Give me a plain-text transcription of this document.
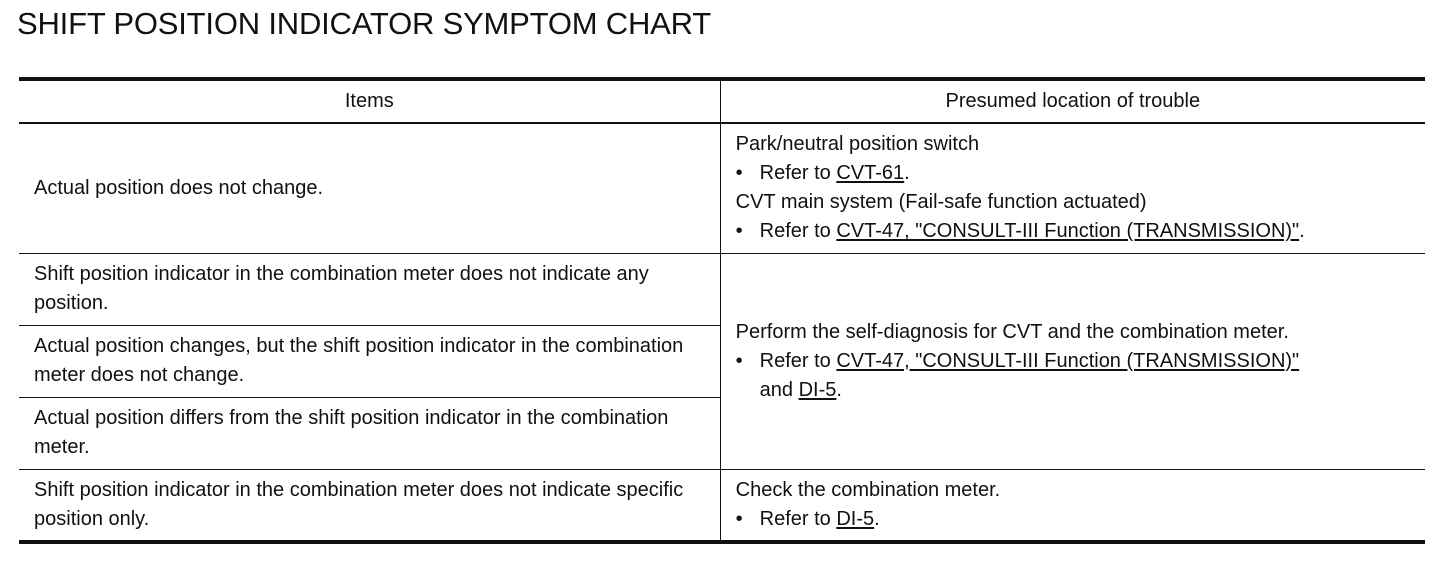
SHIFT POSITION INDICATOR SYMPTOM CHART
Items	Presumed location of trouble
Actual position does not change.	Park/neutral position switch
• Refer to CVT-61.
CVT main system (Fail-safe function actuated)
• Refer to CVT-47, "CONSULT-III Function (TRANSMISSION)".

Shift position indicator in the combination meter does not indicate any position.	Perform the self-diagnosis for CVT and the combination meter.
• Refer to CVT-47, "CONSULT-III Function (TRANSMISSION)"
and DI-5.

Actual position changes, but the shift position indicator in the combination meter does not change.	
Actual position differs from the shift position indicator in the combination meter.	
Shift position indicator in the combination meter does not indicate specific position only.	Check the combination meter.
• Refer to DI-5.
